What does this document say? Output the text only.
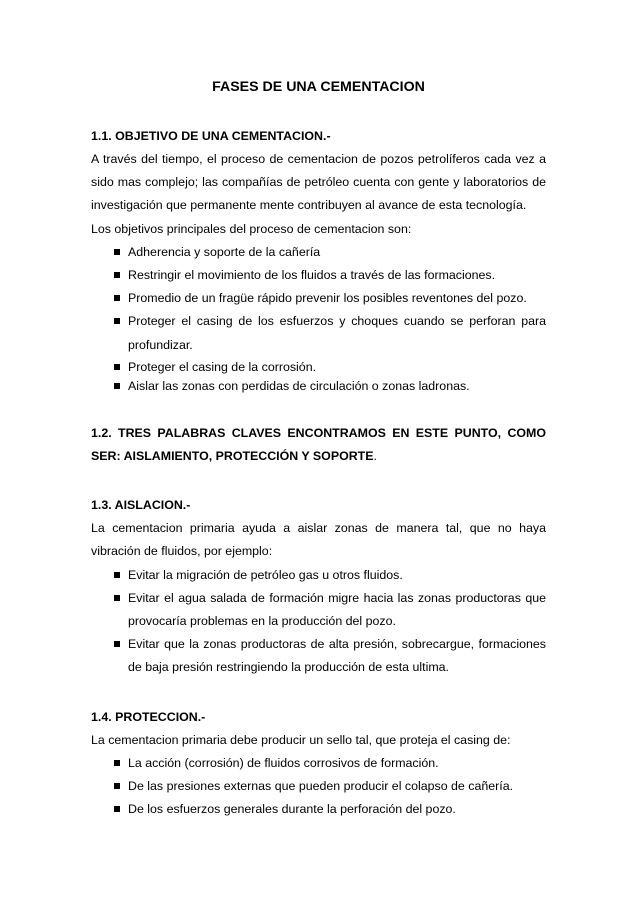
FASES DE UNA CEMENTACION

1.1. OBJETIVO DE UNA CEMENTACION.-

A través del tiempo, el proceso de cementacion de pozos petrolíferos cada vez a sido mas complejo; las compañías de petróleo cuenta con gente y laboratorios de investigación que permanente mente contribuyen al avance de esta tecnología.

Los objetivos principales del proceso de cementacion son:

Adherencia y soporte de la cañería
Restringir el movimiento de los fluidos a través de las formaciones.
Promedio de un fragüe rápido prevenir los posibles reventones del pozo.
Proteger el casing de los esfuerzos y choques cuando se perforan para profundizar.
Proteger el casing de la corrosión.
Aislar las zonas con perdidas de circulación o zonas ladronas.

1.2. TRES PALABRAS CLAVES ENCONTRAMOS EN ESTE PUNTO, COMO SER: AISLAMIENTO, PROTECCIÓN Y SOPORTE.

1.3. AISLACION.-

La cementacion primaria ayuda a aislar zonas de manera tal, que no haya vibración de fluidos, por ejemplo:

Evitar la migración de petróleo gas u otros fluidos.
Evitar el agua salada de formación migre hacia las zonas productoras que provocaría problemas en la producción del pozo.
Evitar que la zonas productoras de alta presión, sobrecargue, formaciones de baja presión restringiendo la producción de esta ultima.

1.4. PROTECCION.-

La cementacion primaria debe producir un sello tal, que proteja el casing de:

La acción (corrosión) de fluidos corrosivos de formación.
De las presiones externas que pueden producir el colapso de cañería.
De los esfuerzos generales durante la perforación del pozo.
